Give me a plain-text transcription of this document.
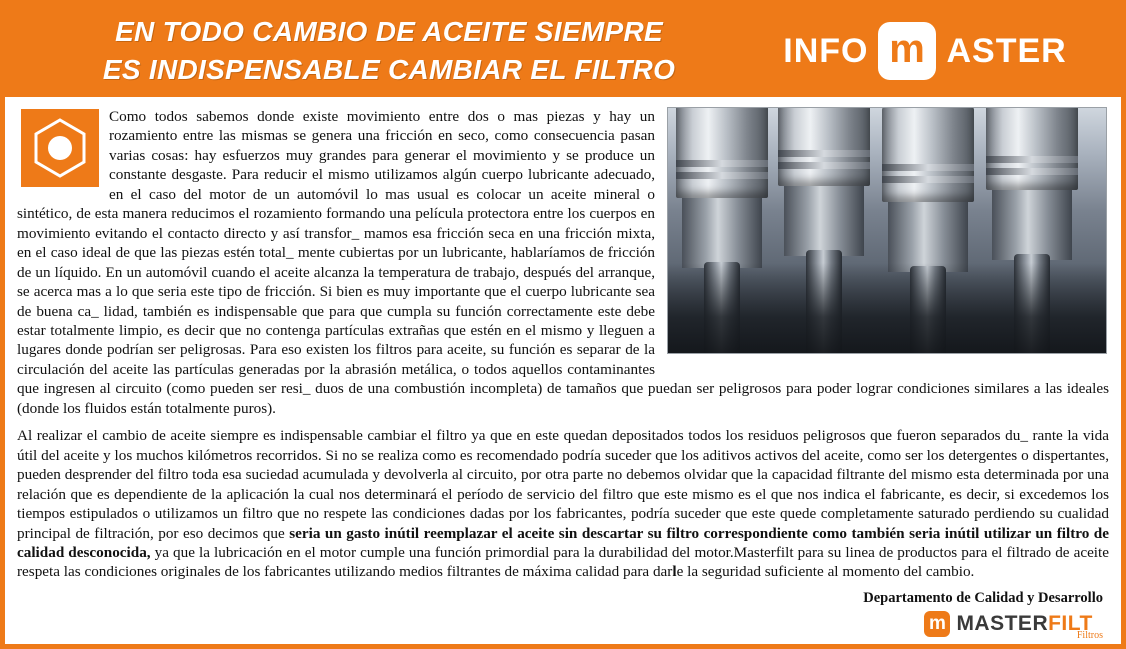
EN TODO CAMBIO DE ACEITE SIEMPRE
ES INDISPENSABLE CAMBIAR EL FILTRO	INFO m ASTER

Como todos sabemos donde existe movimiento entre dos o mas piezas y hay un rozamiento entre las mismas se genera una fricción en seco, como consecuencia pasan varias cosas: hay esfuerzos muy grandes para generar el movimiento y se produce un constante desgaste. Para reducir el mismo utilizamos algún cuerpo lubricante adecuado, en el caso del motor de un automóvil lo mas usual es colocar un aceite mineral o sintético, de esta manera reducimos el rozamiento formando una película protectora entre los cuerpos en movimiento evitando el contacto directo y así transfor_ mamos esa fricción seca en una fricción mixta, en el caso ideal de que las piezas estén total_ mente cubiertas por un lubricante, hablaríamos de fricción de un líquido. En un automóvil cuando el aceite alcanza la temperatura de trabajo, después del arranque, se acerca mas a lo que seria este tipo de fricción. Si bien es muy importante que el cuerpo lubricante sea de buena ca_ lidad, también es indispensable que para que cumpla su función correctamente este debe estar totalmente limpio, es decir que no contenga partículas extrañas que estén en el mismo y lleguen a lugares donde podrían ser peligrosas. Para eso existen los filtros para aceite, su función es separar de la circulación del aceite las partículas generadas por la abrasión metálica, o todos aquellos contaminantes que ingresen al circuito (como pueden ser resi_ duos de una combustión incompleta) de tamaños que puedan ser peligrosos para poder lograr condiciones similares a las ideales (donde los fluidos están totalmente puros).

Al realizar el cambio de aceite siempre es indispensable cambiar el filtro ya que en este quedan depositados todos los residuos peligrosos que fueron separados du_ rante la vida útil del aceite y los muchos kilómetros recorridos. Si no se realiza como es recomendado podría suceder que los aditivos activos del aceite, como ser los detergentes o dispertantes, pueden desprender del filtro toda esa suciedad acumulada y devolverla al circuito, por otra parte no debemos olvidar que la capacidad filtrante del mismo esta determinada por una relación que es dependiente de la aplicación la cual nos determinará el período de servicio del filtro que este mismo es el que nos indica el fabricante, es decir, si excedemos los tiempos estipulados o utilizamos un filtro que no respete las condiciones dadas por los fabricantes, podría suceder que este quede completamente saturado perdiendo su cualidad principal de filtración, por eso decimos que seria un gasto inútil reemplazar el aceite sin descartar su filtro correspondiente como también seria inútil utilizar un filtro de calidad desconocida, ya que la lubricación en el motor cumple una función primordial para la durabilidad del motor.Masterfilt para su linea de productos para el filtrado de aceite respeta las condiciones originales de los fabricantes utilizando medios filtrantes de máxima calidad para darle la seguridad suficiente al momento del cambio.

Departamento de Calidad y Desarrollo
m MASTERFILT
Filtros
